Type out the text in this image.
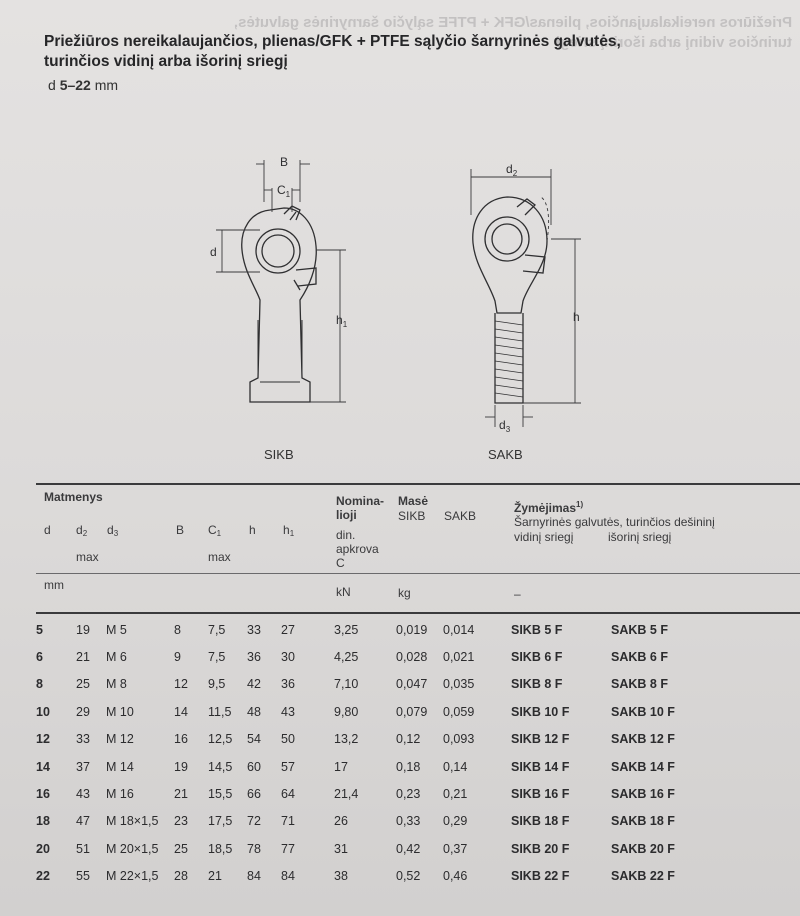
Priežiūros nereikalaujančios, plienas/GFK + PTFE sąlyčio šarnyrinės galvutės,
turinčios vidinį arba išorinį sriegį
Priežiūros nereikalaujančios, plienas/GFK + PTFE sąlyčio šarnyrinės galvutės,
turinčios vidinį arba išorinį sriegį
d 5–22 mm
B
$C_1$
d
$h_1$
SIKB
$d_2$
h
$d_3$
SAKB
Matmenys	Nomina-
lioji
Masė	Žymėjimas$^{1)}$
Šarnyrinės galvutės, turinčios dešininį
vidinį sriegį	išorinį sriegį
d $d_2$
max
$d_3$	B $C_1$
max
h $h_1$	din.
apkrova
C
SIKB SAKB
mm	kN	kg	–
5	19	M 5	8	7,5	33	27	3,25	0,019	0,014	SIKB 5 F	SAKB 5 F
6	21	M 6	9	7,5	36	30	4,25	0,028	0,021	SIKB 6 F	SAKB 6 F
8	25	M 8	12	9,5	42	36	7,10	0,047	0,035	SIKB 8 F	SAKB 8 F
10	29	M 10	14	11,5	48	43	9,80	0,079	0,059	SIKB 10 F	SAKB 10 F
12	33	M 12	16	12,5	54	50	13,2	0,12	0,093	SIKB 12 F	SAKB 12 F
14	37	M 14	19	14,5	60	57	17	0,18	0,14	SIKB 14 F	SAKB 14 F
16	43	M 16	21	15,5	66	64	21,4	0,23	0,21	SIKB 16 F	SAKB 16 F
18	47	M 18×1,5	23	17,5	72	71	26	0,33	0,29	SIKB 18 F	SAKB 18 F
20	51	M 20×1,5	25	18,5	78	77	31	0,42	0,37	SIKB 20 F	SAKB 20 F
22	55	M 22×1,5	28	21	84	84	38	0,52	0,46	SIKB 22 F	SAKB 22 F
